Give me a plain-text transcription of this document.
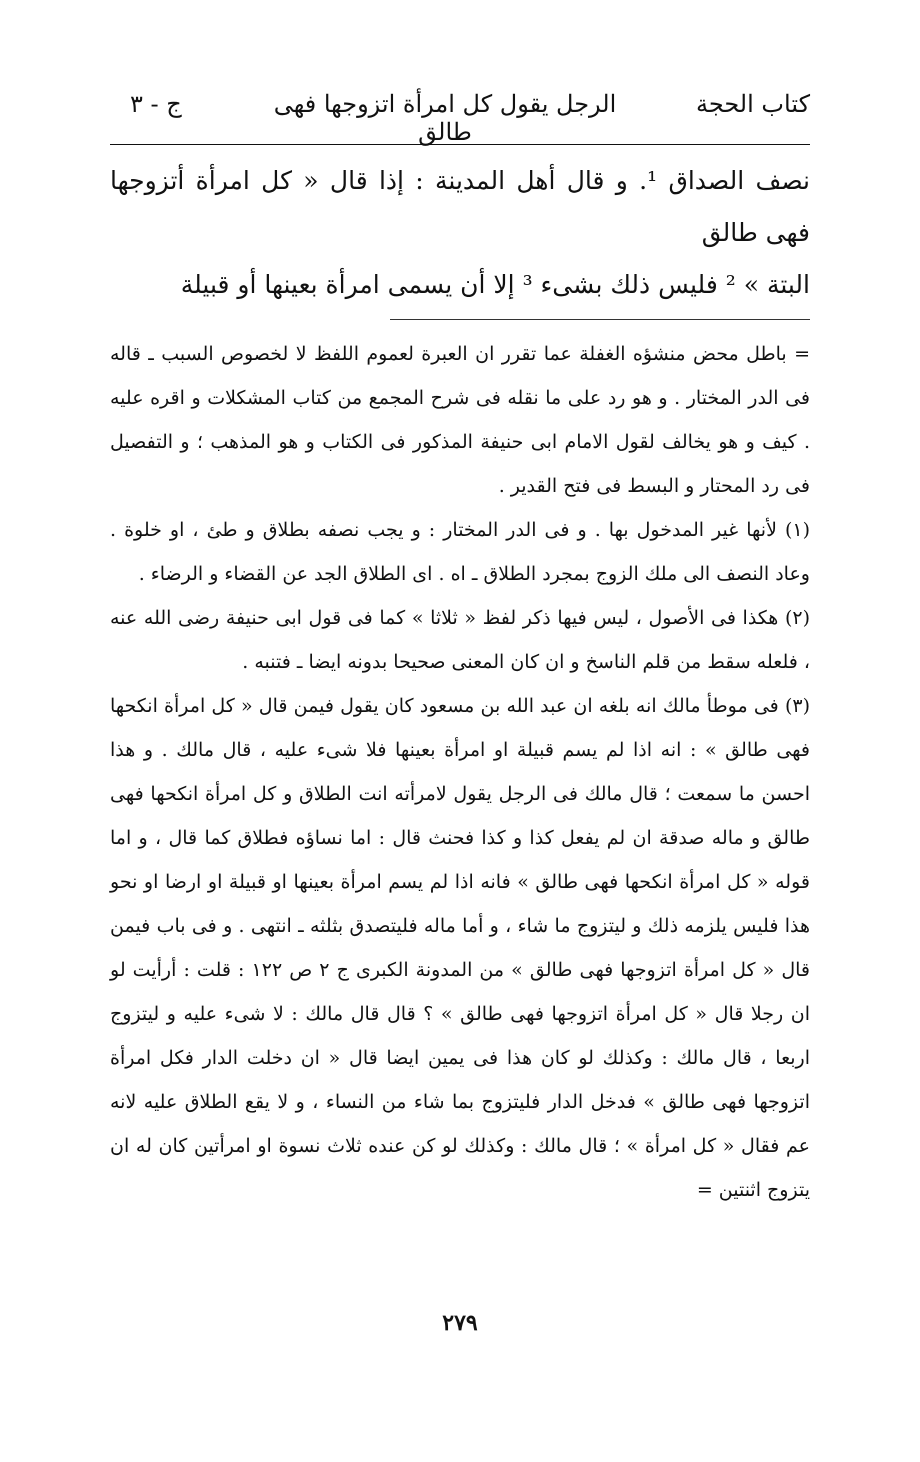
كتاب الحجة
الرجل يقول كل امرأة اتزوجها فهى طالق
ج - ٣

نصف الصداق ¹. و قال أهل المدينة : إذا قال « كل امرأة أتزوجها فهى طالق

البتة » ² فليس ذلك بشىء ³ إلا أن يسمى امرأة بعينها أو قبيلة

= باطل محض منشؤه الغفلة عما تقرر ان العبرة لعموم اللفظ لا لخصوص السبب ـ قاله فى الدر المختار . و هو رد على ما نقله فى شرح المجمع من كتاب المشكلات و اقره عليه . كيف و هو يخالف لقول الامام ابى حنيفة المذكور فى الكتاب و هو المذهب ؛ و التفصيل فى رد المحتار و البسط فى فتح القدير .

(١) لأنها غير المدخول بها . و فى الدر المختار : و يجب نصفه بطلاق و طئ ، او خلوة . وعاد النصف الى ملك الزوج بمجرد الطلاق ـ اه . اى الطلاق الجد عن القضاء و الرضاء .

(٢) هكذا فى الأصول ، ليس فيها ذكر لفظ « ثلاثا » كما فى قول ابى حنيفة رضى الله عنه ، فلعله سقط من قلم الناسخ و ان كان المعنى صحيحا بدونه ايضا ـ فتنبه .

(٣) فى موطأ مالك انه بلغه ان عبد الله بن مسعود كان يقول فيمن قال « كل امرأة انكحها فهى طالق » : انه اذا لم يسم قبيلة او امرأة بعينها فلا شىء عليه ، قال مالك . و هذا احسن ما سمعت ؛ قال مالك فى الرجل يقول لامرأته انت الطلاق و كل امرأة انكحها فهى طالق و ماله صدقة ان لم يفعل كذا و كذا فحنث قال : اما نساؤه فطلاق كما قال ، و اما قوله « كل امرأة انكحها فهى طالق » فانه اذا لم يسم امرأة بعينها او قبيلة او ارضا او نحو هذا فليس يلزمه ذلك و ليتزوج ما شاء ، و أما ماله فليتصدق بثلثه ـ انتهى . و فى باب فيمن قال « كل امرأة اتزوجها فهى طالق » من المدونة الكبرى ج ٢ ص ١٢٢ : قلت : أرأيت لو ان رجلا قال « كل امرأة اتزوجها فهى طالق » ؟ قال قال مالك : لا شىء عليه و ليتزوج اربعا ، قال مالك : وكذلك لو كان هذا فى يمين ايضا قال « ان دخلت الدار فكل امرأة اتزوجها فهى طالق » فدخل الدار فليتزوج بما شاء من النساء ، و لا يقع الطلاق عليه لانه عم فقال « كل امرأة » ؛ قال مالك : وكذلك لو كن عنده ثلاث نسوة او امرأتين كان له ان يتزوج اثنتين =

٢٧٩
